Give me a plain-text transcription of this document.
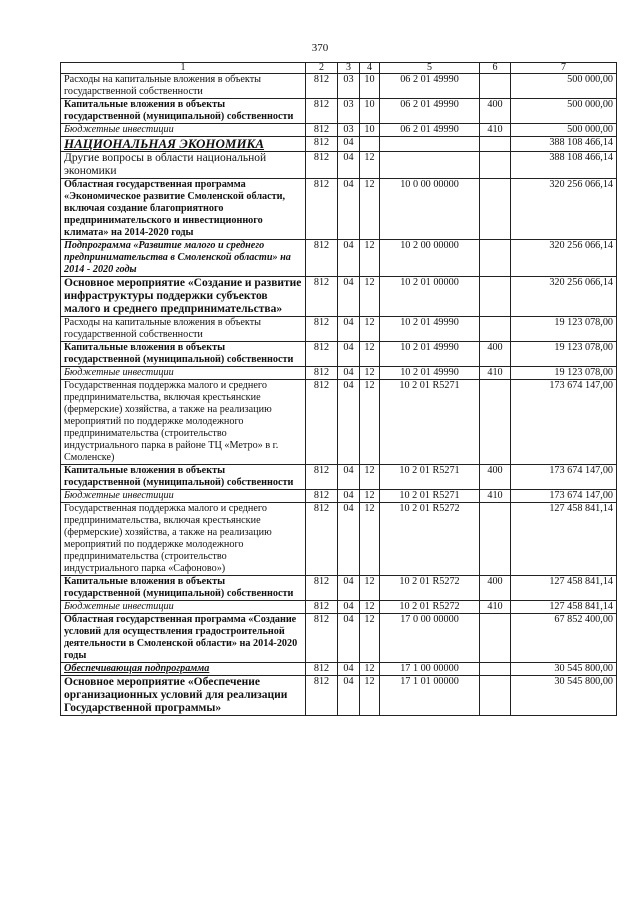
370
1	2	3	4	5	6	7
Расходы на капитальные вложения в объекты государственной собственности	812	03	10	06 2 01 49990		500 000,00
Капитальные вложения в объекты государственной (муниципальной) собственности	812	03	10	06 2 01 49990	400	500 000,00
Бюджетные инвестиции	812	03	10	06 2 01 49990	410	500 000,00
НАЦИОНАЛЬНАЯ ЭКОНОМИКА	812	04				388 108 466,14
Другие вопросы в области национальной экономики	812	04	12			388 108 466,14
Областная государственная программа «Экономическое развитие Смоленской области, включая создание благоприятного предпринимательского и инвестиционного климата» на 2014-2020 годы	812	04	12	10 0 00 00000		320 256 066,14
Подпрограмма «Развитие малого и среднего предпринимательства в Смоленской области» на 2014 - 2020 годы	812	04	12	10 2 00 00000		320 256 066,14
Основное мероприятие «Создание и развитие инфраструктуры поддержки субъектов малого и среднего предпринимательства»	812	04	12	10 2 01 00000		320 256 066,14
Расходы на капитальные вложения в объекты государственной собственности	812	04	12	10 2 01 49990		19 123 078,00
Капитальные вложения в объекты государственной (муниципальной) собственности	812	04	12	10 2 01 49990	400	19 123 078,00
Бюджетные инвестиции	812	04	12	10 2 01 49990	410	19 123 078,00
Государственная поддержка малого и среднего предпринимательства, включая крестьянские (фермерские) хозяйства, а также на реализацию мероприятий по поддержке молодежного предпринимательства (строительство индустриального парка в районе ТЦ «Метро» в г. Смоленске)	812	04	12	10 2 01 R5271		173 674 147,00
Капитальные вложения в объекты государственной (муниципальной) собственности	812	04	12	10 2 01 R5271	400	173 674 147,00
Бюджетные инвестиции	812	04	12	10 2 01 R5271	410	173 674 147,00
Государственная поддержка малого и среднего предпринимательства, включая крестьянские (фермерские) хозяйства, а также на реализацию мероприятий по поддержке молодежного предпринимательства (строительство индустриального парка «Сафоново»)	812	04	12	10 2 01 R5272		127 458 841,14
Капитальные вложения в объекты государственной (муниципальной) собственности	812	04	12	10 2 01 R5272	400	127 458 841,14
Бюджетные инвестиции	812	04	12	10 2 01 R5272	410	127 458 841,14
Областная государственная программа «Создание условий для осуществления градостроительной деятельности в Смоленской области» на 2014-2020 годы	812	04	12	17 0 00 00000		67 852 400,00
Обеспечивающая подпрограмма	812	04	12	17 1 00 00000		30 545 800,00
Основное мероприятие «Обеспечение организационных условий для реализации Государственной программы»	812	04	12	17 1 01 00000		30 545 800,00
